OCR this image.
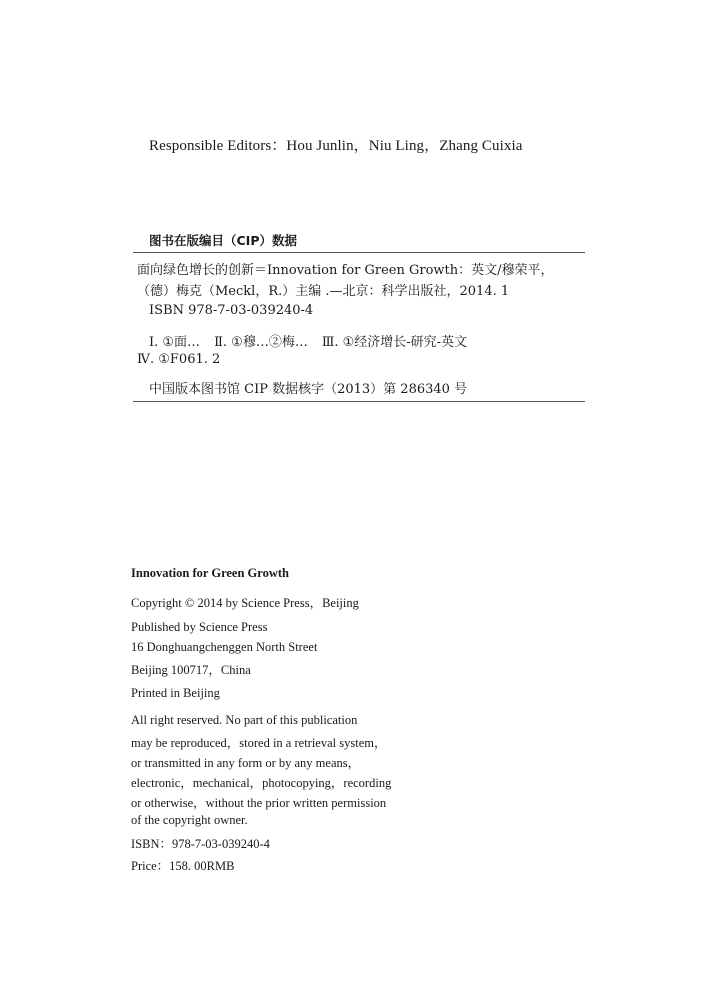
Responsible Editors：Hou Junlin，Niu Ling，Zhang Cuixia
图书在版编目（CIP）数据
面向绿色增长的创新＝Innovation for Green Growth：英文/穆荣平，
（德）梅克（Meckl，R.）主编 .—北京：科学出版社，2014. 1
ISBN 978-7-03-039240-4
Ⅰ. ①面… Ⅱ. ①穆…②梅… Ⅲ. ①经济增长-研究-英文
Ⅳ. ①F061. 2
中国版本图书馆 CIP 数据核字（2013）第 286340 号
Innovation for Green Growth
Copyright © 2014 by Science Press，Beijing
Published by Science Press
16 Donghuangchenggen North Street
Beijing 100717，China
Printed in Beijing
All right reserved. No part of this publication
may be reproduced，stored in a retrieval system，
or transmitted in any form or by any means，
electronic，mechanical，photocopying，recording
or otherwise，without the prior written permission
of the copyright owner.
ISBN：978-7-03-039240-4
Price：158. 00RMB
